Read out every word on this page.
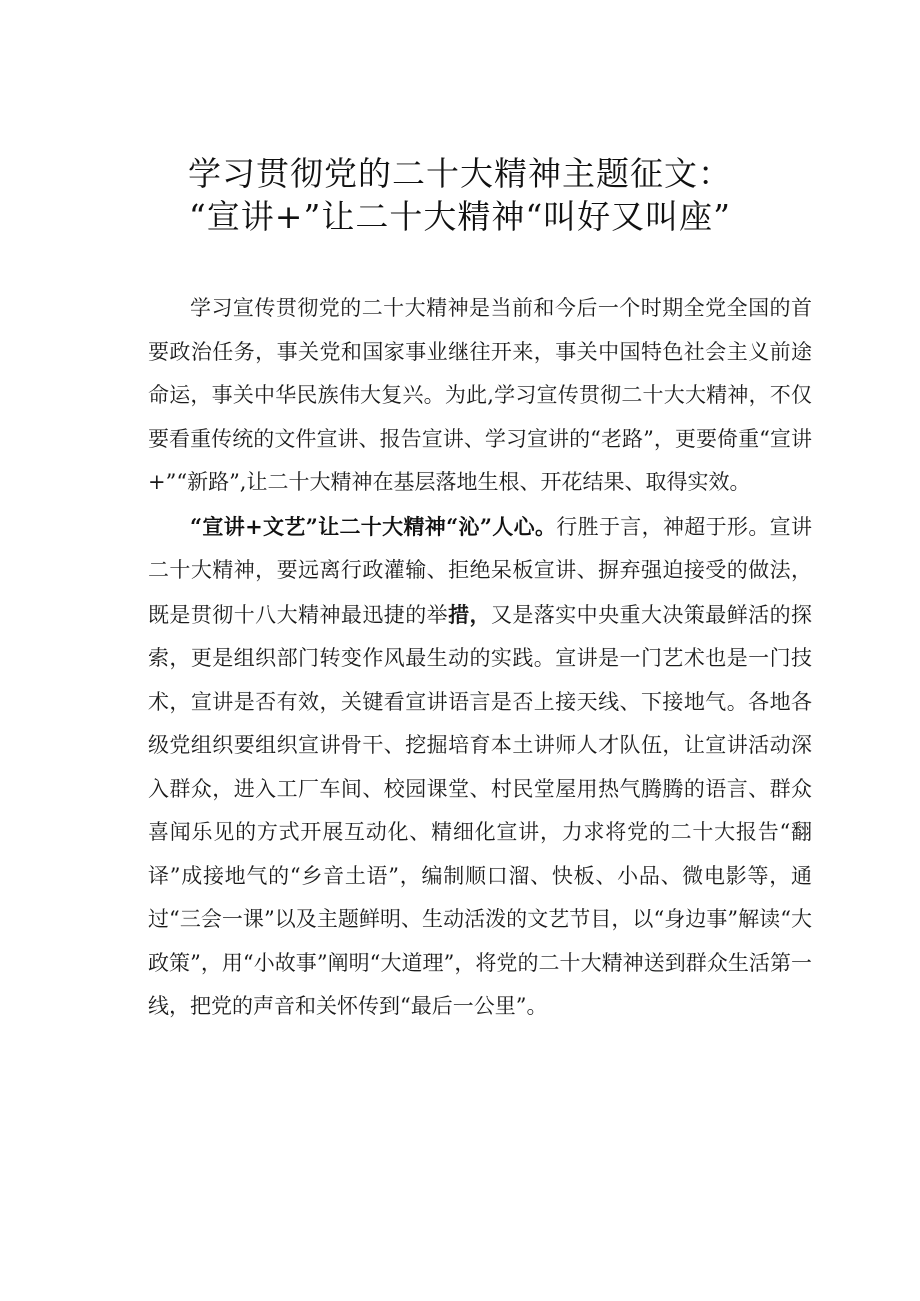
学习贯彻党的二十大精神主题征文：
“宣讲+”让二十大精神“叫好又叫座”

学习宣传贯彻党的二十大精神是当前和今后一个时期全党全国的首要政治任务，事关党和国家事业继往开来，事关中国特色社会主义前途命运，事关中华民族伟大复兴。为此,学习宣传贯彻二十大大精神，不仅要看重传统的文件宣讲、报告宣讲、学习宣讲的“老路”，更要倚重“宣讲+”“新路”,让二十大精神在基层落地生根、开花结果、取得实效。

“宣讲+文艺”让二十大精神“沁”人心。行胜于言，神超于形。宣讲二十大精神，要远离行政灌输、拒绝呆板宣讲、摒弃强迫接受的做法，既是贯彻十八大精神最迅捷的举措，又是落实中央重大决策最鲜活的探索，更是组织部门转变作风最生动的实践。宣讲是一门艺术也是一门技术，宣讲是否有效，关键看宣讲语言是否上接天线、下接地气。各地各级党组织要组织宣讲骨干、挖掘培育本土讲师人才队伍，让宣讲活动深入群众，进入工厂车间、校园课堂、村民堂屋用热气腾腾的语言、群众喜闻乐见的方式开展互动化、精细化宣讲，力求将党的二十大报告“翻译”成接地气的“乡音土语”，编制顺口溜、快板、小品、微电影等，通过“三会一课”以及主题鲜明、生动活泼的文艺节目，以“身边事”解读“大政策”，用“小故事”阐明“大道理”，将党的二十大精神送到群众生活第一线，把党的声音和关怀传到“最后一公里”。
